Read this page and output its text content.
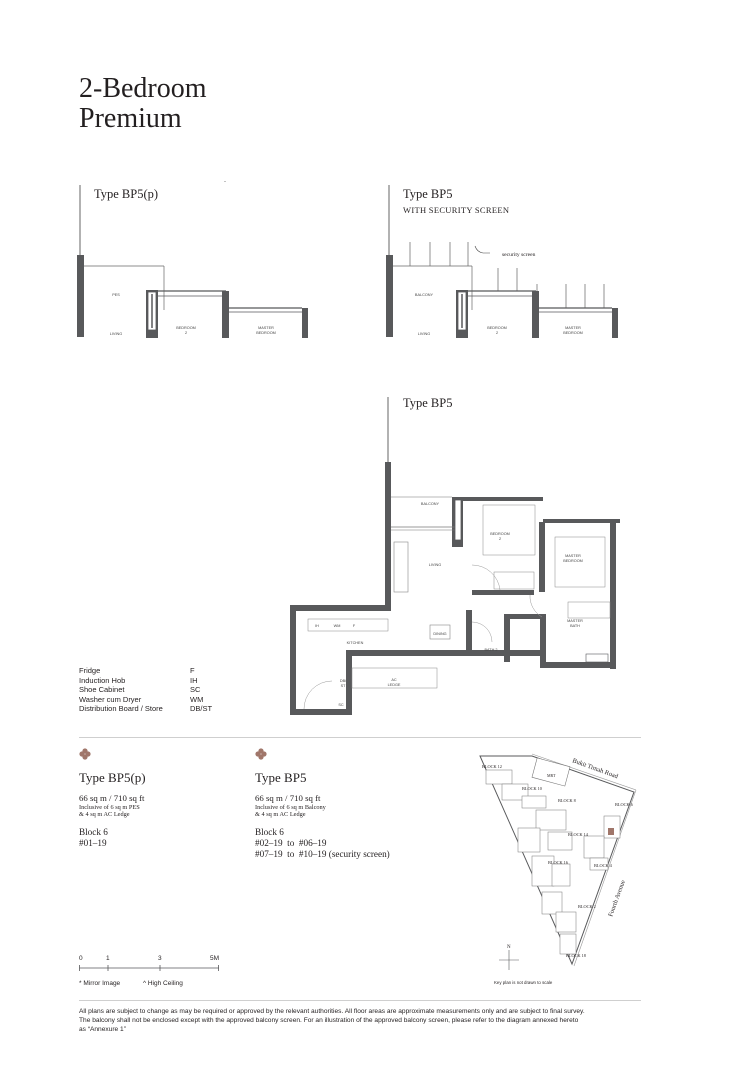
2-Bedroom
Premium
Type BP5(p)
PES
LIVING
BEDROOM
2
MASTER
BEDROOM
Type BP5
WITH SECURITY SCREEN
security screen
BALCONY
LIVING
BEDROOM
2
MASTER
BEDROOM
Type BP5
BALCONY
LIVING
DINING
KITCHEN
BEDROOM
2
MASTER
BEDROOM
MASTER
BATH
BATH 2
AC
LEDGE
DB/
ST
SC
WM	F
IH
Fridge	F
Induction Hob	IH
Shoe Cabinet	SC
Washer cum Dryer	WM
Distribution Board / Store	DB/ST
Type BP5(p)
66 sq m / 710 sq ft
Inclusive of 6 sq m PES
& 4 sq m AC Ledge
Block 6
#01–19
Type BP5
66 sq m / 710 sq ft
Inclusive of 6 sq m Balcony
& 4 sq m AC Ledge
Block 6
#02–19  to  #06–19
#07–19  to  #10–19 (security screen)
MRT Bukit Timah Road
Fourth Avenue
BLOCK 12
BLOCK 10
BLOCK 8
BLOCK 6
BLOCK 14
BLOCK 4
BLOCK 16
BLOCK 2
BLOCK 18
N
Key plan is not drawn to scale
0	1	3	5M
* Mirror Image	^ High Ceiling
All plans are subject to change as may be required or approved by the relevant authorities. All floor areas are approximate measurements only and are subject to final survey.
The balcony shall not be enclosed except with the approved balcony screen. For an illustration of the approved balcony screen, please refer to the diagram annexed hereto
as “Annexure 1”
